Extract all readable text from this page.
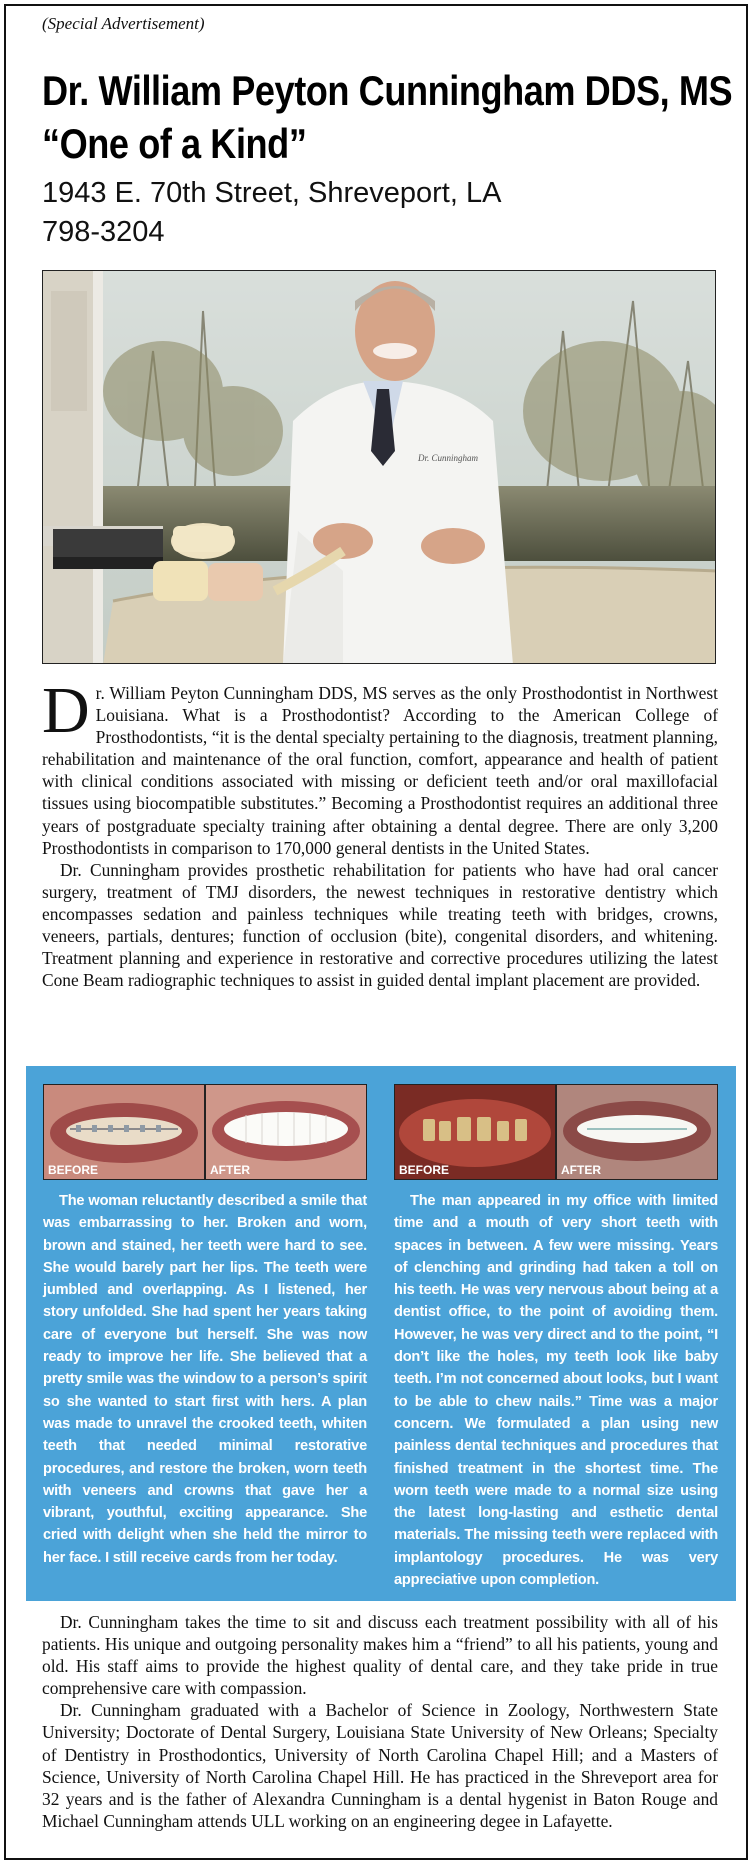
(Special Advertisement)
Dr. William Peyton Cunningham DDS, MS
“One of a Kind”
1943 E. 70th Street, Shreveport, LA
798-3204
Dr. Cunningham

Dr. William Peyton Cunningham DDS, MS serves as the only Prosthodontist in Northwest Louisiana. What is a Prosthodontist? According to the American College of Prosthodontists, “it is the dental specialty pertaining to the diagnosis, treatment planning, rehabilitation and maintenance of the oral function, comfort, appearance and health of patient with clinical conditions associated with missing or deficient teeth and/or oral maxillofacial tissues using biocompatible substitutes.” Becoming a Prosthodontist requires an additional three years of postgraduate specialty training after obtaining a dental degree. There are only 3,200 Prosthodontists in comparison to 170,000 general dentists in the United States.

Dr. Cunningham provides prosthetic rehabilitation for patients who have had oral cancer surgery, treatment of TMJ disorders, the newest techniques in restorative dentistry which encompasses sedation and painless techniques while treating teeth with bridges, crowns, veneers, partials, dentures; function of occlusion (bite), congenital disorders, and whitening. Treatment planning and experience in restorative and corrective procedures utilizing the latest Cone Beam radiographic techniques to assist in guided dental implant placement are provided.

BEFORE	AFTER

The woman reluctantly described a smile that was embarrassing to her. Broken and worn, brown and stained, her teeth were hard to see. She would barely part her lips. The teeth were jumbled and overlapping. As I listened, her story unfolded. She had spent her years taking care of everyone but herself. She was now ready to improve her life. She believed that a pretty smile was the window to a person’s spirit so she wanted to start first with hers. A plan was made to unravel the crooked teeth, whiten teeth that needed minimal restorative procedures, and restore the broken, worn teeth with veneers and crowns that gave her a vibrant, youthful, exciting appearance. She cried with delight when she held the mirror to her face. I still receive cards from her today.

BEFORE	AFTER

The man appeared in my office with limited time and a mouth of very short teeth with spaces in between. A few were missing. Years of clenching and grinding had taken a toll on his teeth. He was very nervous about being at a dentist office, to the point of avoiding them. However, he was very direct and to the point, “I don’t like the holes, my teeth look like baby teeth. I’m not concerned about looks, but I want to be able to chew nails.” Time was a major concern. We formulated a plan using new painless dental techniques and procedures that finished treatment in the shortest time. The worn teeth were made to a normal size using the latest long-lasting and esthetic dental materials. The missing teeth were replaced with implantology procedures. He was very appreciative upon completion.

Dr. Cunningham takes the time to sit and discuss each treatment possibility with all of his patients. His unique and outgoing personality makes him a “friend” to all his patients, young and old. His staff aims to provide the highest quality of dental care, and they take pride in true comprehensive care with compassion.

Dr. Cunningham graduated with a Bachelor of Science in Zoology, Northwestern State University; Doctorate of Dental Surgery, Louisiana State University of New Orleans; Specialty of Dentistry in Prosthodontics, University of North Carolina Chapel Hill; and a Masters of Science, University of North Carolina Chapel Hill. He has practiced in the Shreveport area for 32 years and is the father of Alexandra Cunningham is a dental hygenist in Baton Rouge and Michael Cunningham attends ULL working on an engineering degee in Lafayette.
